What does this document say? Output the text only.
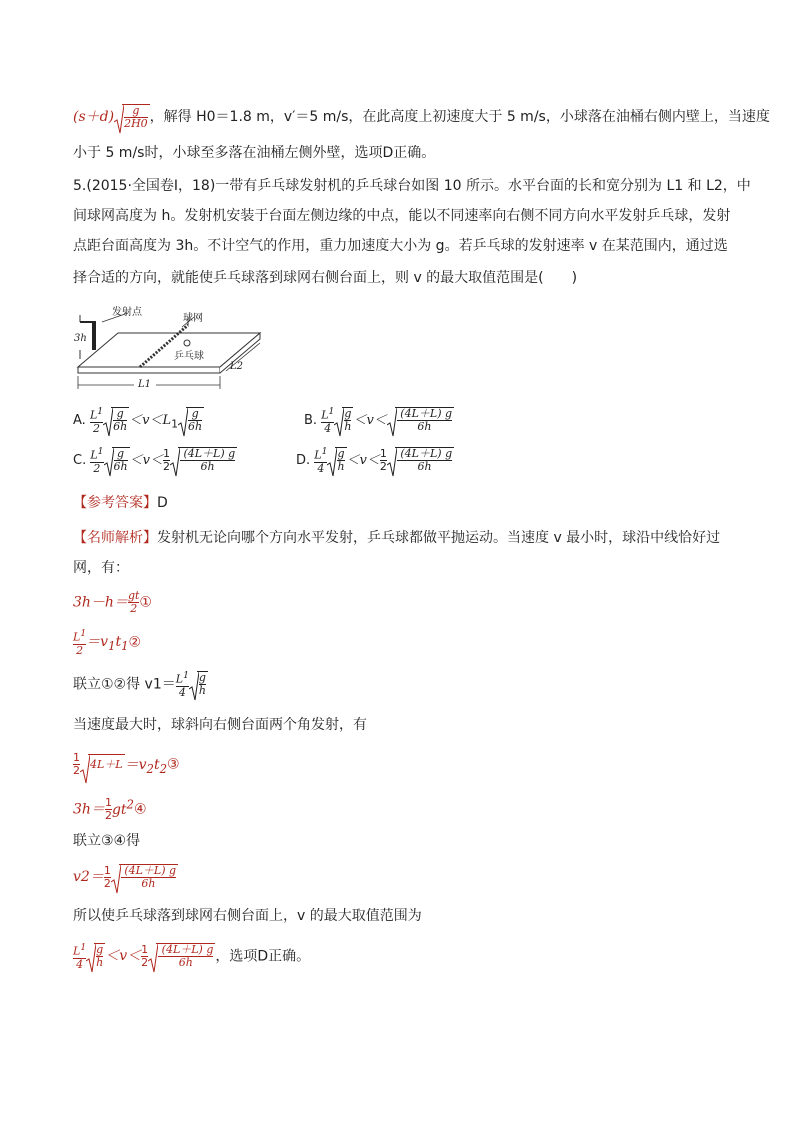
$(s+d) \frac{g}{2H0}$ ，解得 H0＝1.8 m，v′＝5 m/s，在此高度上初速度大于 5 m/s，小球落在油桶右侧内壁上，当速度
小于 5 m/s时，小球至多落在油桶左侧外壁，选项D正确。
5.(2015·全国卷Ⅰ，18)一带有乒乓球发射机的乒乓球台如图 10 所示。水平台面的长和宽分别为 L1 和 L2，中
间球网高度为 h。发射机安装于台面左侧边缘的中点，能以不同速率向右侧不同方向水平发射乒乓球，发射
点距台面高度为 3h。不计空气的作用，重力加速度大小为 g。若乒乓球的发射速率 v 在某范围内，通过选
择合适的方向，就能使乒乓球落到球网右侧台面上，则 v 的最大取值范围是(　　)
发射点
球网
乒乓球
3h
L1
L2
A. $\frac{L^1}{2} \frac{g}{6h} <v<L_1 \frac{g}{6h}$	B. $\frac{L^1}{4} \frac{g}{h} <v< \frac{(4L+L) g}{6h}$
C. $\frac{L^1}{2} \frac{g}{6h} <v< \frac{1}{2} \frac{(4L+L) g}{6h}$	D. $\frac{L^1}{4} \frac{g}{h} <v< \frac{1}{2} \frac{(4L+L) g}{6h}$
【参考答案】D
【名师解析】发射机无论向哪个方向水平发射，乒乓球都做平抛运动。当速度 v 最小时，球沿中线恰好过
网，有：
$3h-h= \frac{gt}{2}$ ①
$\frac{L^1}{2}$ $=v_1t_1②$
联立①②得 $v1= \frac{L^1}{4} \frac{g}{h}$
当速度最大时，球斜向右侧台面两个角发射，有
$\frac{1}{2} 4L+L$ $=v_2t_2③$
$3h= \frac{1}{2}$ $gt^2④$
联立③④得
$v2= \frac{1}{2} \frac{(4L+L) g}{6h}$
所以使乒乓球落到球网右侧台面上，v 的最大取值范围为
$\frac{L^1}{4} \frac{g}{h} <v< \frac{1}{2} \frac{(4L+L) g}{6h}$ ，选项D正确。
